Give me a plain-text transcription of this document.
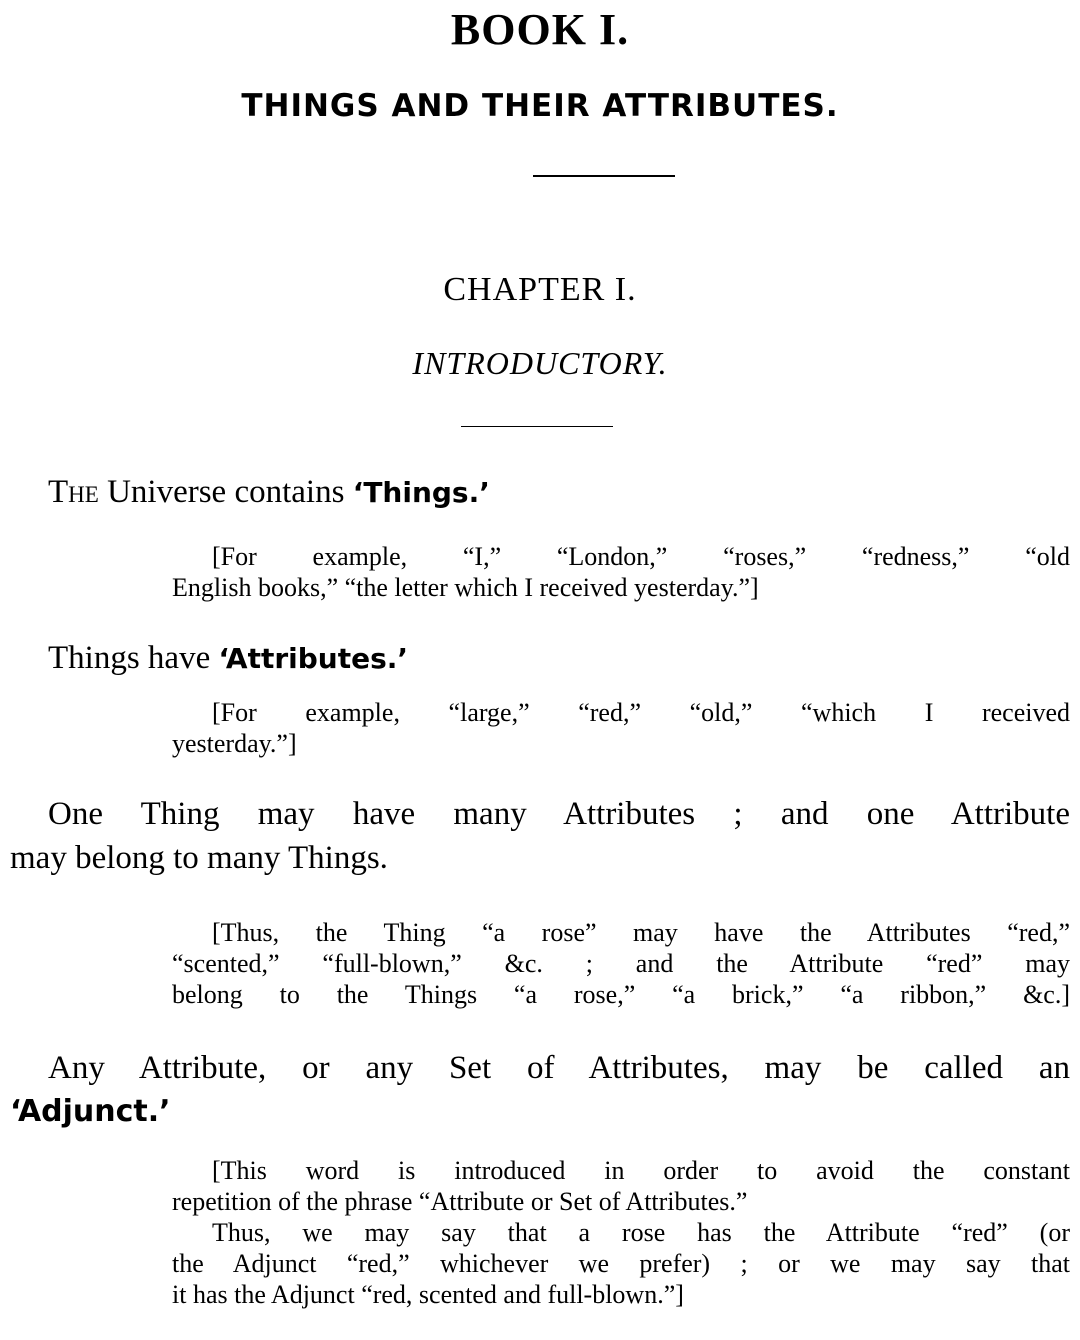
BOOK I.
THINGS AND THEIR ATTRIBUTES.
CHAPTER I.
INTRODUCTORY.
The Universe contains ‘Things.’
[For example, “I,” “London,” “roses,” “redness,” “old
English books,” “the letter which I received yesterday.”]
Things have ‘Attributes.’
[For example, “large,” “red,” “old,” “which I received
yesterday.”]
One Thing may have many Attributes ; and one Attribute
may belong to many Things.
[Thus, the Thing “a rose” may have the Attributes “red,”
“scented,” “full-blown,” &c. ; and the Attribute “red” may
belong to the Things “a rose,” “a brick,” “a ribbon,” &c.]
Any Attribute, or any Set of Attributes, may be called an
‘Adjunct.’
[This word is introduced in order to avoid the constant
repetition of the phrase “Attribute or Set of Attributes.”
Thus, we may say that a rose has the Attribute “red” (or
the Adjunct “red,” whichever we prefer) ; or we may say that
it has the Adjunct “red, scented and full-blown.”]
